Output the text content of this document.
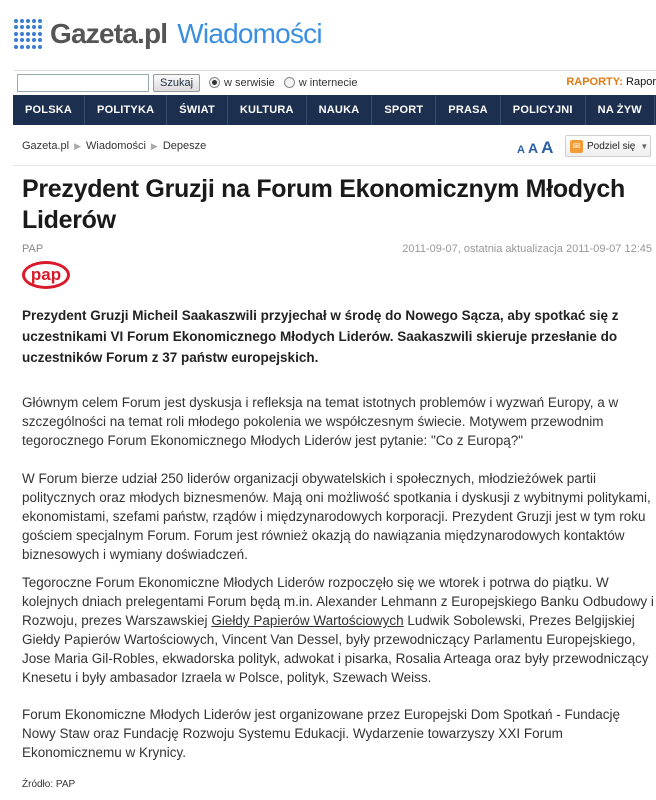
Gazeta.pl Wiadomości
Szukaj	w serwisie w internecie	RAPORTY: Rapor
POLSKA	POLITYKA	ŚWIAT	KULTURA	NAUKA	SPORT	PRASA	POLICYJNI	NA ŻYW
Gazeta.pl ▶ Wiadomości ▶ Depesze	A A A	✉ Podziel się ▼
Prezydent Gruzji na Forum Ekonomicznym Młodych Liderów
PAP	2011-09-07, ostatnia aktualizacja 2011-09-07 12:45
pap

Prezydent Gruzji Micheil Saakaszwili przyjechał w środę do Nowego Sącza, aby spotkać się z uczestnikami VI Forum Ekonomicznego Młodych Liderów. Saakaszwili skieruje przesłanie do uczestników Forum z 37 państw europejskich.

Głównym celem Forum jest dyskusja i refleksja na temat istotnych problemów i wyzwań Europy, a w szczególności na temat roli młodego pokolenia we współczesnym świecie. Motywem przewodnim tegorocznego Forum Ekonomicznego Młodych Liderów jest pytanie: "Co z Europą?"

W Forum bierze udział 250 liderów organizacji obywatelskich i społecznych, młodzieżówek partii politycznych oraz młodych biznesmenów. Mają oni możliwość spotkania i dyskusji z wybitnymi politykami, ekonomistami, szefami państw, rządów i międzynarodowych korporacji. Prezydent Gruzji jest w tym roku gościem specjalnym Forum. Forum jest również okazją do nawiązania międzynarodowych kontaktów biznesowych i wymiany doświadczeń.

Tegoroczne Forum Ekonomiczne Młodych Liderów rozpoczęło się we wtorek i potrwa do piątku. W kolejnych dniach prelegentami Forum będą m.in. Alexander Lehmann z Europejskiego Banku Odbudowy i Rozwoju, prezes Warszawskiej Giełdy Papierów Wartościowych Ludwik Sobolewski, Prezes Belgijskiej Giełdy Papierów Wartościowych, Vincent Van Dessel, były przewodniczący Parlamentu Europejskiego, Jose Maria Gil-Robles, ekwadorska polityk, adwokat i pisarka, Rosalia Arteaga oraz były przewodniczący Knesetu i były ambasador Izraela w Polsce, polityk, Szewach Weiss.

Forum Ekonomiczne Młodych Liderów jest organizowane przez Europejski Dom Spotkań - Fundację Nowy Staw oraz Fundację Rozwoju Systemu Edukacji. Wydarzenie towarzyszy XXI Forum Ekonomicznemu w Krynicy.

Źródło: PAP
